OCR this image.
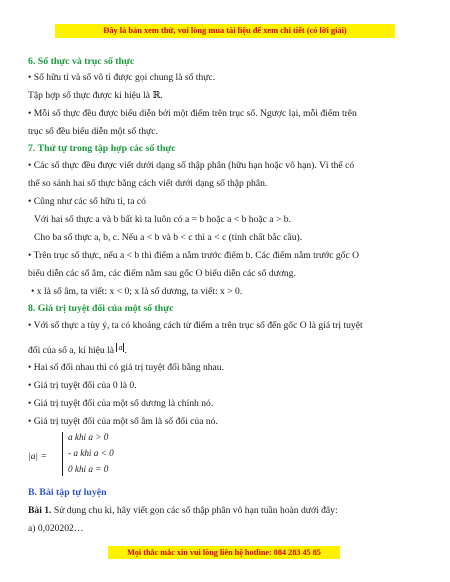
Đây là bản xem thử, vui lòng mua tài liệu để xem chi tiết (có lời giải)
6. Số thực và trục số thực
• Số hữu tỉ và số vô tỉ được gọi chung là số thực.
Tập hợp số thực được kí hiệu là ℝ.
• Mỗi số thực đều được biểu diễn bởi một điểm trên trục số. Ngược lại, mỗi điểm trên
trục số đều biểu diễn một số thực.
7. Thứ tự trong tập hợp các số thực
• Các số thực đều được viết dưới dạng số thập phân (hữu hạn hoặc vô hạn). Vì thế có
thể so sánh hai số thực bằng cách viết dưới dạng số thập phân.
• Cũng như các số hữu tỉ, ta có
Với hai số thực a và b bất kì ta luôn có a = b hoặc a < b hoặc a > b.
Cho ba số thực a, b, c. Nếu a < b và b < c thì a < c (tính chất bắc cầu).
• Trên trục số thực, nếu a < b thì điểm a nằm trước điểm b. Các điểm nằm trước gốc O
biểu diễn các số âm, các điểm nằm sau gốc O biểu diễn các số dương.
• x là số âm, ta viết: x < 0; x là số dương, ta viết: x > 0.
8. Giá trị tuyệt đối của một số thực
• Với số thực a tùy ý, ta có khoảng cách từ điểm a trên trục số đến gốc O là giá trị tuyệt
đối của số a, kí hiệu là a .
• Hai số đối nhau thì có giá trị tuyệt đối bằng nhau.
• Giá trị tuyệt đối của 0 là 0.
• Giá trị tuyệt đối của một số dương là chính nó.
• Giá trị tuyệt đối của một số âm là số đối của nó.
|a| =
a khi a > 0
- a khi a < 0
0 khi a = 0
B. Bài tập tự luyện
Bài 1. Sử dụng chu kì, hãy viết gọn các số thập phân vô hạn tuần hoàn dưới đây:
a) 0,020202…
Mọi thắc mắc xin vui lòng liên hệ hotline: 084 283 45 85
